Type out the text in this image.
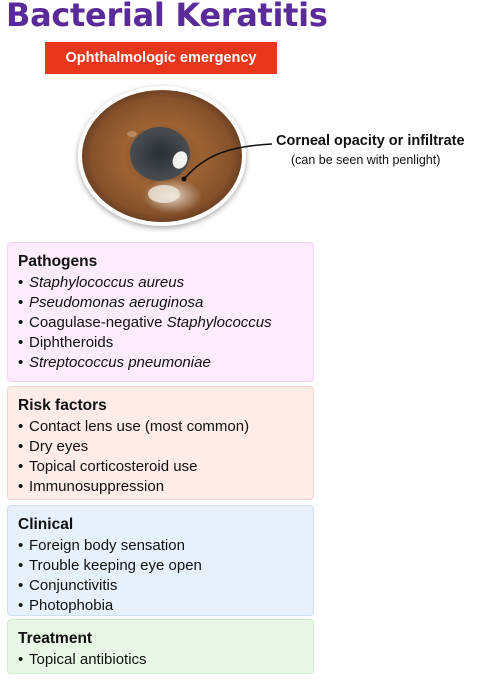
Bacterial Keratitis
Ophthalmologic emergency
Corneal opacity or infiltrate
(can be seen with penlight)
Pathogens
• Staphylococcus aureus
• Pseudomonas aeruginosa
• Coagulase-negative Staphylococcus
• Diphtheroids
• Streptococcus pneumoniae
Risk factors
• Contact lens use (most common)
• Dry eyes
• Topical corticosteroid use
• Immunosuppression
Clinical
• Foreign body sensation
• Trouble keeping eye open
• Conjunctivitis
• Photophobia
Treatment
• Topical antibiotics
